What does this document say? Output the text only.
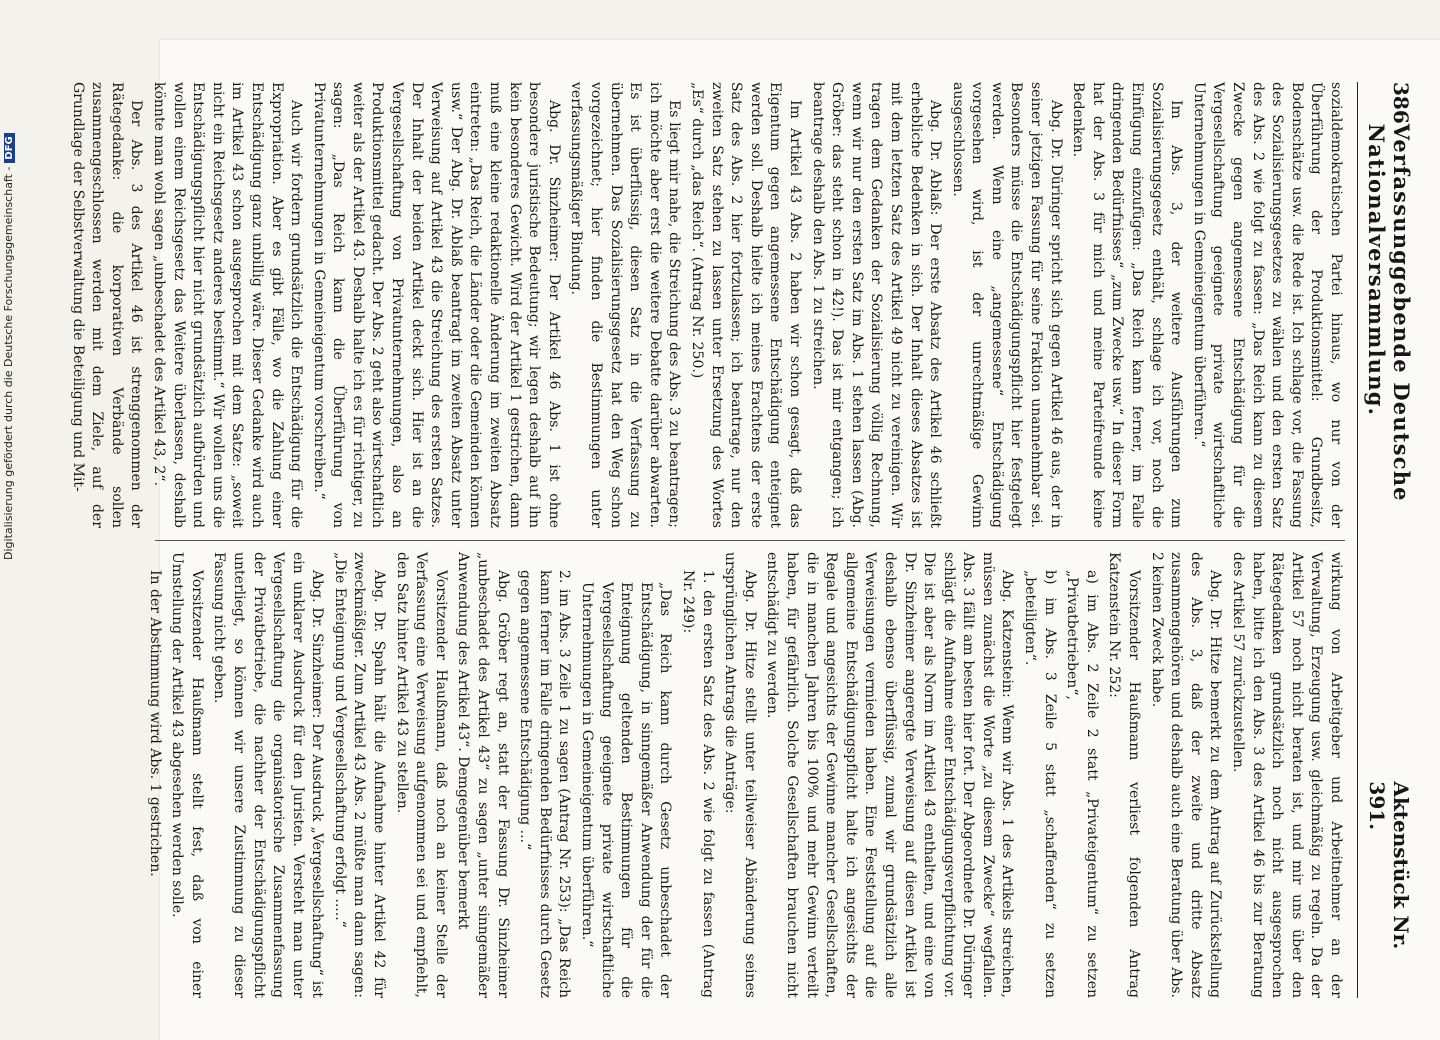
Digitalisierung gefördert durch die Deutsche Forschungsgemeinschaft -DFG
386
Verfassunggebende Deutsche Nationalversammlung.
Aktenstück Nr. 391.

sozialdemokratischen Partei hinaus, wo nur von der Überführung der Produktionsmittel: Grundbesitz, Bodenschätze usw. die Rede ist. Ich schlage vor, die Fassung des Sozialisierungsgesetzes zu wählen und den ersten Satz des Abs. 2 wie folgt zu fassen: „Das Reich kann zu diesem Zwecke gegen angemessene Entschädigung für die Vergesellschaftung geeignete private wirtschaftliche Unternehmungen in Gemeineigentum überführen.“

Im Abs. 3, der weitere Ausführungen zum Sozialisierungsgesetz enthält, schlage ich vor, noch die Einfügung einzufügen: „Das Reich kann ferner, im Falle dringenden Bedürfnisses“ „zum Zwecke usw.“ In dieser Form hat der Abs. 3 für mich und meine Parteifreunde keine Bedenken.

Abg. Dr. Düringer spricht sich gegen Artikel 46 aus, der in seiner jetzigen Fassung für seine Fraktion unannehmbar sei. Besonders müsse die Entschädigungspflicht hier festgelegt werden. Wenn eine „angemessene“ Entschädigung vorgesehen wird, ist der unrechtmäßige Gewinn ausgeschlossen.

Abg. Dr. Ablaß: Der erste Absatz des Artikel 46 schließt erhebliche Bedenken in sich. Der Inhalt dieses Absatzes ist mit dem letzten Satz des Artikel 49 nicht zu vereinigen. Wir tragen dem Gedanken der Sozialisierung völlig Rechnung, wenn wir nur den ersten Satz im Abs. 1 stehen lassen (Abg. Gröber: das steht schon in 42!). Das ist mir entgangen; ich beantrage deshalb den Abs. 1 zu streichen.

Im Artikel 43 Abs. 2 haben wir schon gesagt, daß das Eigentum gegen angemessene Entschädigung enteignet werden soll. Deshalb hielte ich meines Erachtens der erste Satz des Abs. 2 hier fortzulassen; ich beantrage, nur den zweiten Satz stehen zu lassen unter Ersetzung des Wortes „Es“ durch „das Reich“. (Antrag Nr. 250.)

Es liegt mir nahe, die Streichung des Abs. 3 zu beantragen; ich möchte aber erst die weitere Debatte darüber abwarten. Es ist überflüssig, diesen Satz in die Verfassung zu übernehmen. Das Sozialisierungsgesetz hat den Weg schon vorgezeichnet; hier finden die Bestimmungen unter verfassungsmäßiger Bindung.

Abg. Dr. Sinzheimer: Der Artikel 46 Abs. 1 ist ohne besondere juristische Bedeutung; wir legen deshalb auf ihn kein besonderes Gewicht. Wird der Artikel 1 gestrichen, dann muß eine kleine redaktionelle Änderung im zweiten Absatz eintreten: „Das Reich, die Länder oder die Gemeinden können usw.“ Der Abg. Dr. Ablaß beantragt im zweiten Absatz unter Verweisung auf Artikel 43 die Streichung des ersten Satzes. Der Inhalt der beiden Artikel deckt sich. Hier ist an die Vergesellschaftung von Privatunternehmungen, also an Produktionsmittel gedacht. Der Abs. 2 geht also wirtschaftlich weiter als der Artikel 43. Deshalb halte ich es für richtiger, zu sagen: „Das Reich kann die Überführung von Privatunternehmungen in Gemeineigentum vorschreiben.“

Auch wir fordern grundsätzlich die Entschädigung für die Expropriation. Aber es gibt Fälle, wo die Zahlung einer Entschädigung ganz unbillig wäre. Dieser Gedanke wird auch im Artikel 43 schon ausgesprochen mit dem Satze: „soweit nicht ein Reichsgesetz anderes bestimmt.“ Wir wollen uns die Entschädigungspflicht hier nicht grundsätzlich aufbürden und wollen einem Reichsgesetz das Weitere überlassen, deshalb könnte man wohl sagen „unbeschadet des Artikel 43, 2“.

Der Abs. 3 des Artikel 46 ist strenggenommen der Rätegedanke: die korporativen Verbände sollen zusammengeschlossen werden mit dem Ziele, auf der Grundlage der Selbstverwaltung die Beteiligung und Mit-

wirkung von Arbeitgeber und Arbeitnehmer an der Verwaltung, Erzeugung usw. gleichmäßig zu regeln. Da der Artikel 57 noch nicht beraten ist, und mir uns über den Rätegedanken grundsätzlich noch nicht ausgesprochen haben, bitte ich den Abs. 3 des Artikel 46 bis zur Beratung des Artikel 57 zurückzustellen.

Abg. Dr. Hitze bemerkt zu dem Antrag auf Zurückstellung des Abs. 3, daß der zweite und dritte Absatz zusammengehören und deshalb auch eine Beratung über Abs. 2 keinen Zweck habe.

Vorsitzender Haußmann verliest folgenden Antrag Katzenstein Nr. 252:

a) im Abs. 2 Zeile 2 statt „Privateigentum“ zu setzen „Privatbetrieben“,

b) im Abs. 3 Zeile 5 statt „schaffenden“ zu setzen „beteiligten“.

Abg. Katzenstein: Wenn wir Abs. 1 des Artikels streichen, müssen zunächst die Worte „zu diesem Zwecke“ wegfallen. Abs. 3 fällt am besten hier fort. Der Abgeordnete Dr. Düringer schlägt die Aufnahme einer Entschädigungsverpflichtung vor. Die ist aber als Norm im Artikel 43 enthalten, und eine von Dr. Sinzheimer angeregte Verweisung auf diesen Artikel ist deshalb ebenso überflüssig, zumal wir grundsätzlich alle Verweisungen vermieden haben. Eine Feststellung auf die allgemeine Entschädigungspflicht halte ich angesichts der Regale und angesichts der Gewinne mancher Gesellschaften, die in manchen Jahren bis 100% und mehr Gewinn verteilt haben, für gefährlich. Solche Gesellschaften brauchen nicht entschädigt zu werden.

Abg. Dr. Hitze stellt unter teilweiser Abänderung seines ursprünglichen Antrags die Anträge:

1. den ersten Satz des Abs. 2 wie folgt zu fassen (Antrag Nr. 249):

„Das Reich kann durch Gesetz unbeschadet der Entschädigung, in sinngemäßer Anwendung der für die Enteignung geltenden Bestimmungen für die Vergesellschaftung geeignete private wirtschaftliche Unternehmungen in Gemeineigentum überführen.“

2. im Abs. 3 Zeile 1 zu sagen (Antrag Nr. 253): „Das Reich kann ferner im Falle dringenden Bedürfnisses durch Gesetz gegen angemessene Entschädigung ...“

Abg. Gröber regt an, statt der Fassung Dr. Sinzheimer „unbeschadet des Artikel 43“ zu sagen „unter sinngemäßer Anwendung des Artikel 43“. Demgegenüber bemerkt

Vorsitzender Haußmann, daß noch an keiner Stelle der Verfassung eine Verweisung aufgenommen sei und empfiehlt, den Satz hinter Artikel 43 zu stellen.

Abg. Dr. Spahn hält die Aufnahme hinter Artikel 42 für zweckmäßiger. Zum Artikel 43 Abs. 2 müßte man dann sagen: „Die Enteignung und Vergesellschaftung erfolgt .....“

Abg. Dr. Sinzheimer: Der Ausdruck „Vergesellschaftung“ ist ein unklarer Ausdruck für den Juristen. Versteht man unter Vergesellschaftung die organisatorische Zusammenfassung der Privatbetriebe, die nachher der Entschädigungspflicht unterliegt, so können wir unsere Zustimmung zu dieser Fassung nicht geben.

Vorsitzender Haußmann stellt fest, daß von einer Umstellung der Artikel 43 abgesehen werden solle.

In der Abstimmung wird Abs. 1 gestrichen.
